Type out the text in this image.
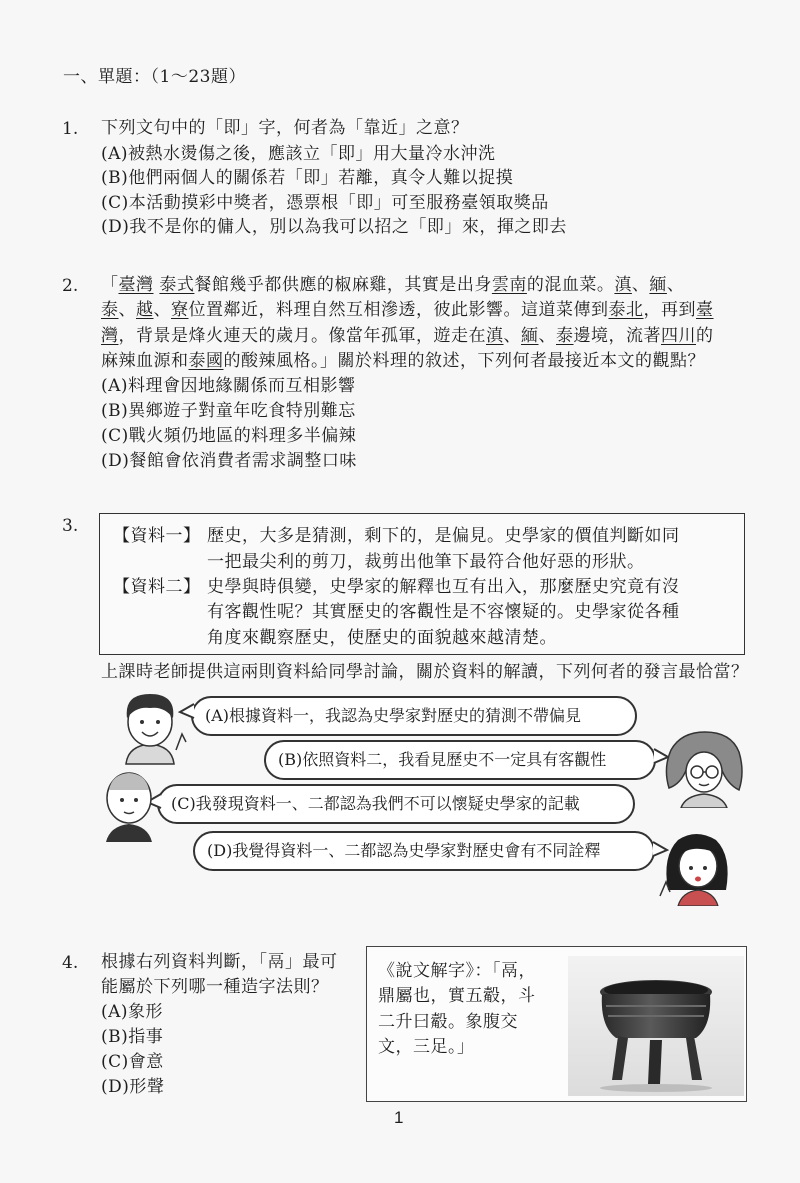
一、單題：（1～23題）
1. 下列文句中的「即」字，何者為「靠近」之意？
(A)被熱水燙傷之後，應該立「即」用大量冷水沖洗
(B)他們兩個人的關係若「即」若離，真令人難以捉摸
(C)本活動摸彩中獎者，憑票根「即」可至服務臺領取獎品
(D)我不是你的傭人，別以為我可以招之「即」來，揮之即去
2. 「臺灣 泰式餐館幾乎都供應的椒麻雞，其實是出身雲南的混血菜。滇、緬、
泰、越、寮位置鄰近，料理自然互相滲透，彼此影響。這道菜傳到泰北，再到臺
灣，背景是烽火連天的歲月。像當年孤軍，遊走在滇、緬、泰邊境，流著四川的
麻辣血源和泰國的酸辣風格。」關於料理的敘述，下列何者最接近本文的觀點？
(A)料理會因地緣關係而互相影響
(B)異鄉遊子對童年吃食特別難忘
(C)戰火頻仍地區的料理多半偏辣
(D)餐館會依消費者需求調整口味
3. 【資料一】 歷史，大多是猜測，剩下的，是偏見。史學家的價值判斷如同
一把最尖利的剪刀，裁剪出他筆下最符合他好惡的形狀。
【資料二】 史學與時俱變，史學家的解釋也互有出入，那麼歷史究竟有沒
有客觀性呢？其實歷史的客觀性是不容懷疑的。史學家從各種
角度來觀察歷史，使歷史的面貌越來越清楚。
上課時老師提供這兩則資料給同學討論，關於資料的解讀，下列何者的發言最恰當？
(A)根據資料一，我認為史學家對歷史的猜測不帶偏見
(B)依照資料二，我看見歷史不一定具有客觀性
(C)我發現資料一、二都認為我們不可以懷疑史學家的記載
(D)我覺得資料一、二都認為史學家對歷史會有不同詮釋
4. 根據右列資料判斷，「鬲」最可
能屬於下列哪一種造字法則？
(A)象形
(B)指事
(C)會意
(D)形聲
《說文解字》：「鬲，
鼎屬也，實五觳，斗
二升曰觳。象腹交
文，三足。」
1
